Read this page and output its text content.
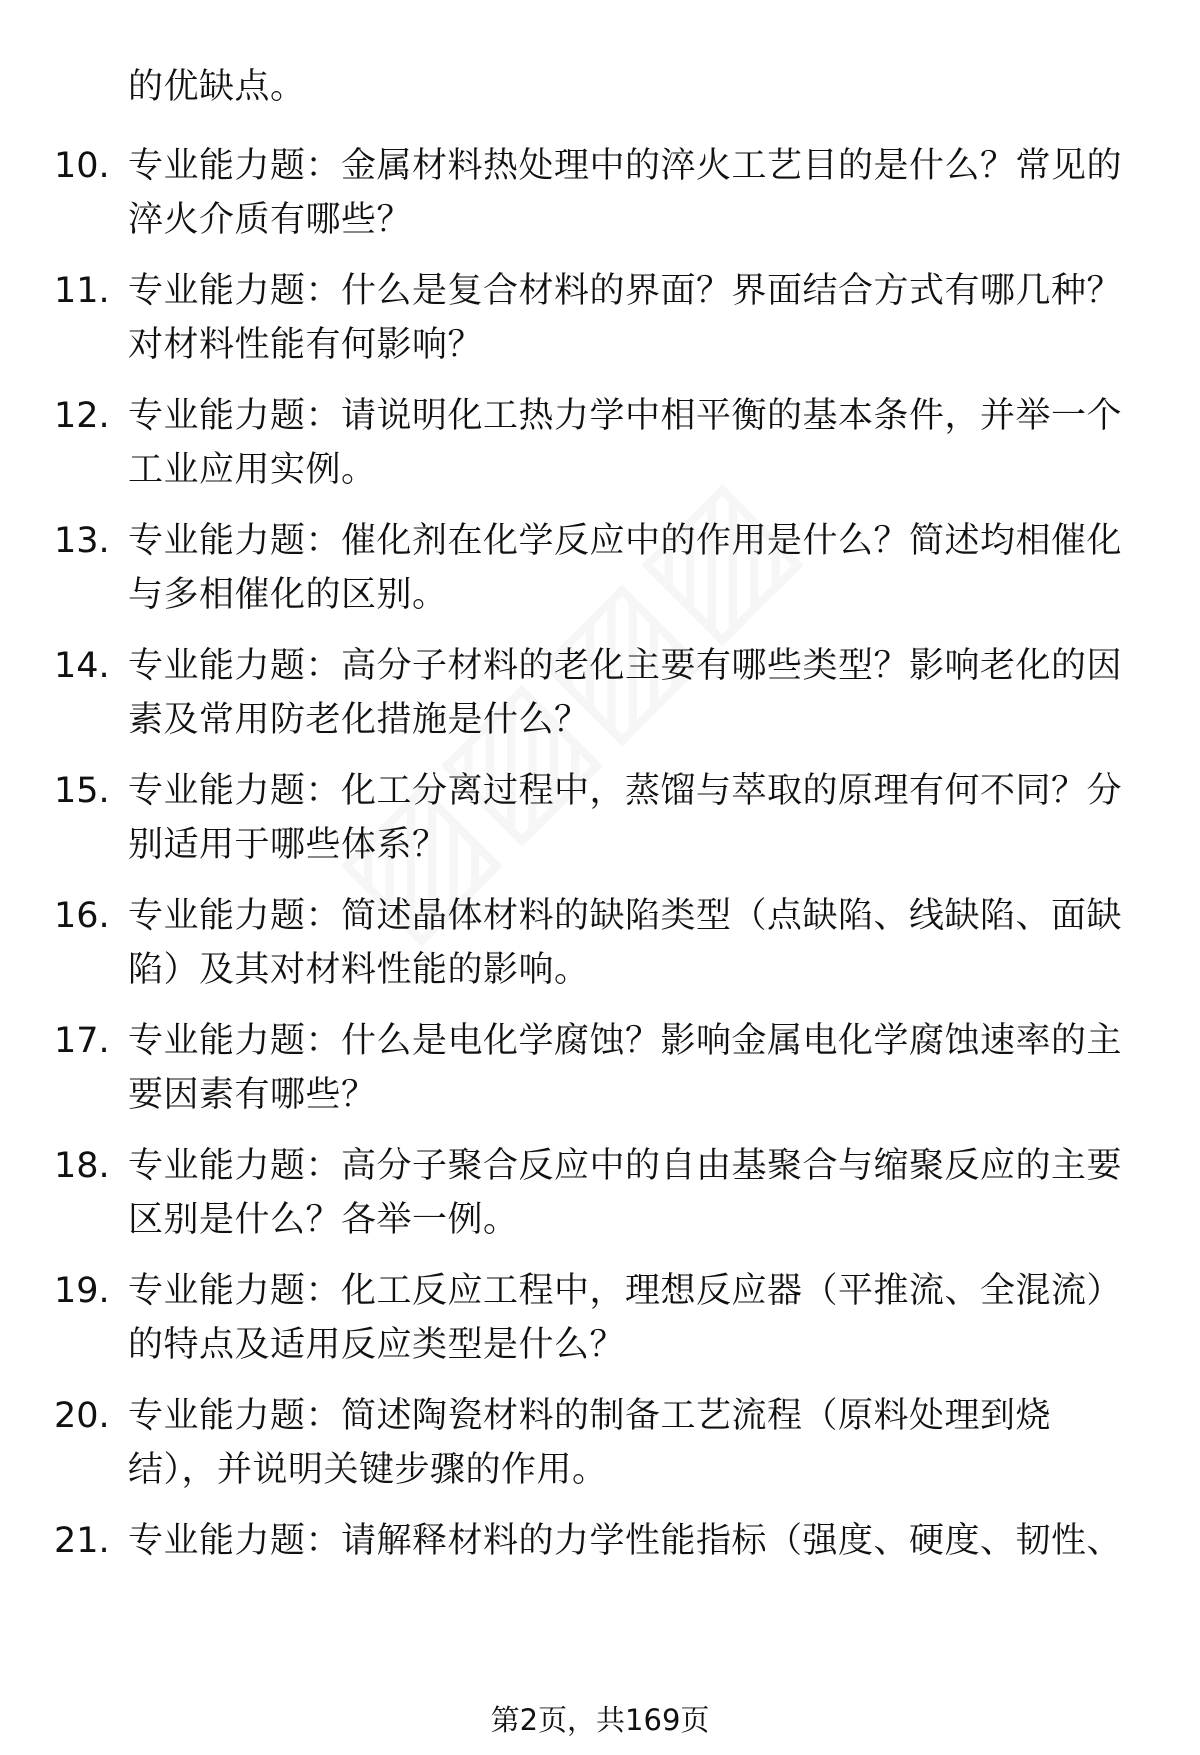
的优缺点。
10. 专业能力题：金属材料热处理中的淬火工艺目的是什么？常见的淬火介质有哪些？
11. 专业能力题：什么是复合材料的界面？界面结合方式有哪几种？对材料性能有何影响？
12. 专业能力题：请说明化工热力学中相平衡的基本条件，并举一个工业应用实例。
13. 专业能力题：催化剂在化学反应中的作用是什么？简述均相催化与多相催化的区别。
14. 专业能力题：高分子材料的老化主要有哪些类型？影响老化的因素及常用防老化措施是什么？
15. 专业能力题：化工分离过程中，蒸馏与萃取的原理有何不同？分别适用于哪些体系？
16. 专业能力题：简述晶体材料的缺陷类型（点缺陷、线缺陷、面缺陷）及其对材料性能的影响。
17. 专业能力题：什么是电化学腐蚀？影响金属电化学腐蚀速率的主要因素有哪些？
18. 专业能力题：高分子聚合反应中的自由基聚合与缩聚反应的主要区别是什么？各举一例。
19. 专业能力题：化工反应工程中，理想反应器（平推流、全混流）的特点及适用反应类型是什么？
20. 专业能力题：简述陶瓷材料的制备工艺流程（原料处理到烧结），并说明关键步骤的作用。
21. 专业能力题：请解释材料的力学性能指标（强度、硬度、韧性、
第2页，共169页
